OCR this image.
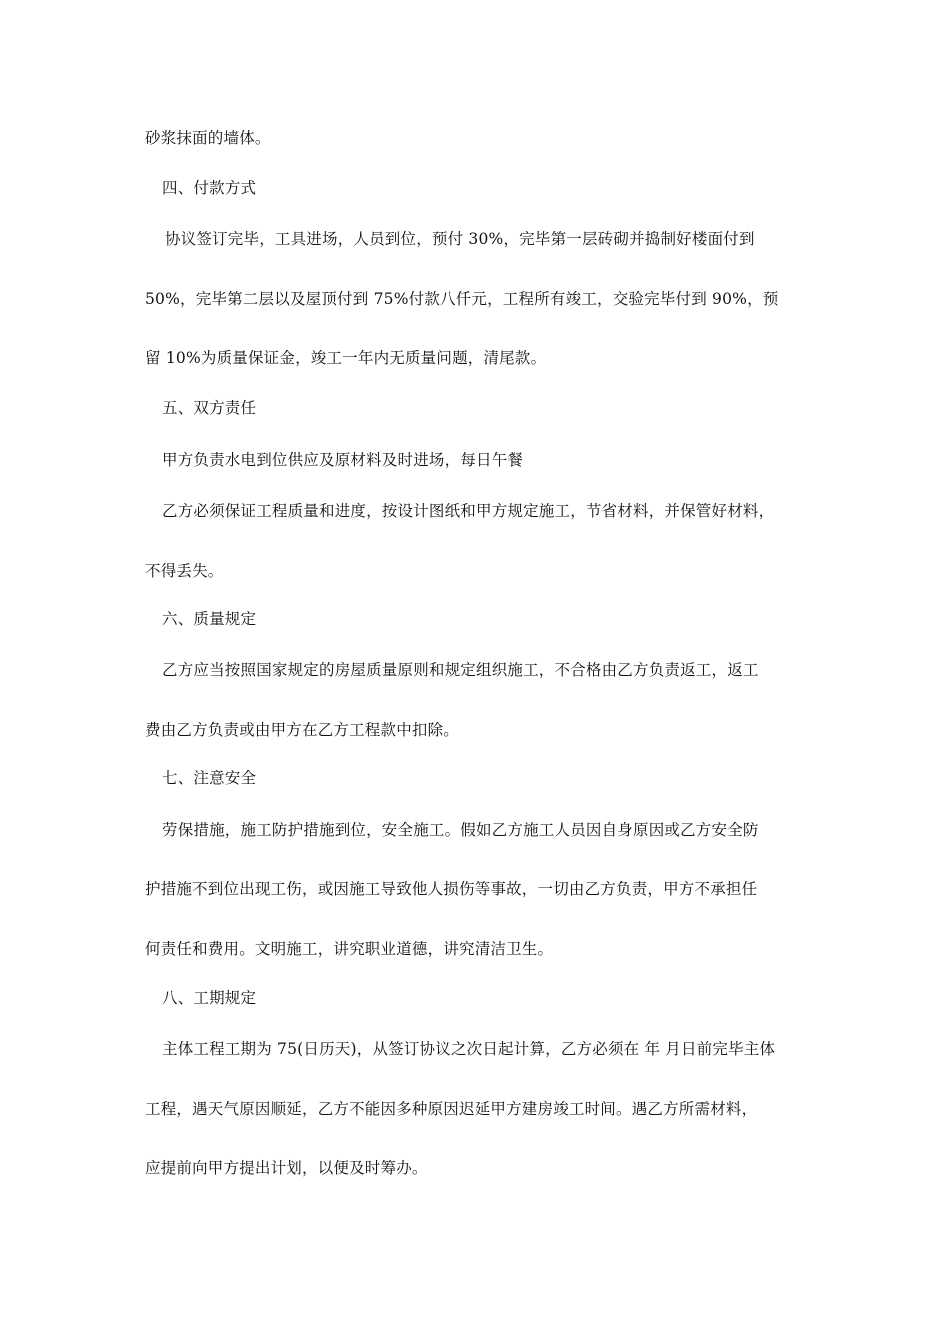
砂浆抹面的墙体。
四、付款方式
协议签订完毕，工具进场，人员到位，预付 30%，完毕第一层砖砌并捣制好楼面付到
50%，完毕第二层以及屋顶付到 75%付款八仟元，工程所有竣工，交验完毕付到 90%，预
留 10%为质量保证金，竣工一年内无质量问题，清尾款。
五、双方责任
甲方负责水电到位供应及原材料及时进场，每日午餐
乙方必须保证工程质量和进度，按设计图纸和甲方规定施工，节省材料，并保管好材料，
不得丢失。
六、质量规定
乙方应当按照国家规定的房屋质量原则和规定组织施工，不合格由乙方负责返工，返工
费由乙方负责或由甲方在乙方工程款中扣除。
七、注意安全
劳保措施，施工防护措施到位，安全施工。假如乙方施工人员因自身原因或乙方安全防
护措施不到位出现工伤，或因施工导致他人损伤等事故，一切由乙方负责，甲方不承担任
何责任和费用。文明施工，讲究职业道德，讲究清洁卫生。
八、工期规定
主体工程工期为 75(日历天)，从签订协议之次日起计算，乙方必须在 年 月日前完毕主体
工程，遇天气原因顺延，乙方不能因多种原因迟延甲方建房竣工时间。遇乙方所需材料，
应提前向甲方提出计划，以便及时筹办。
